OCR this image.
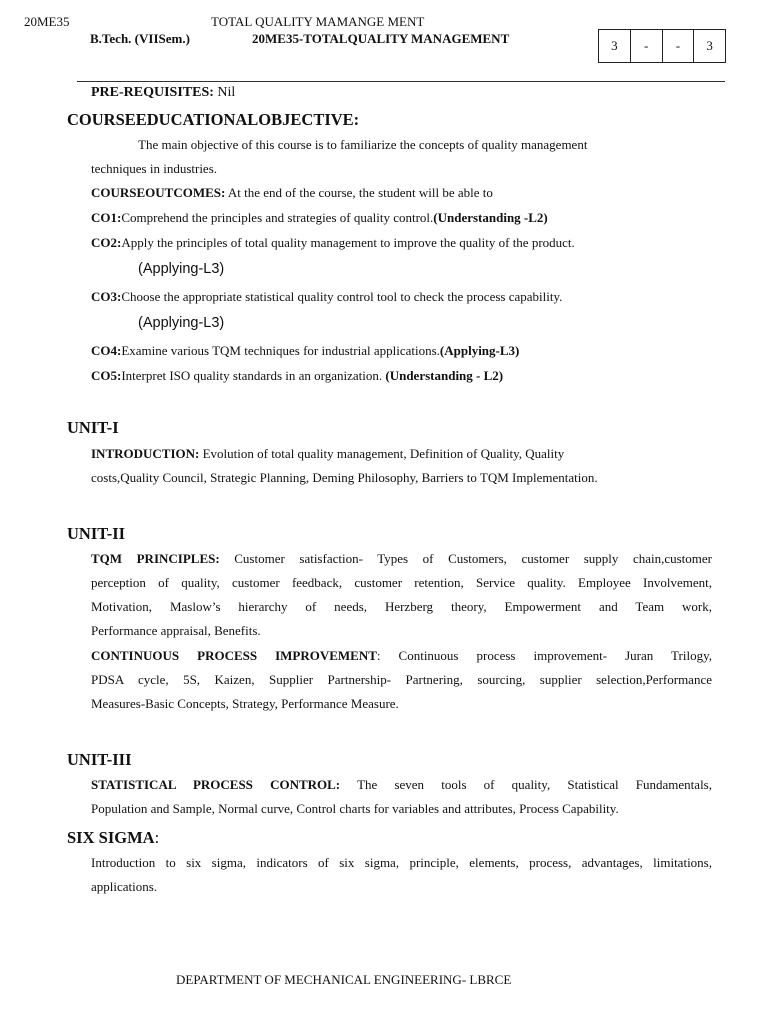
20ME35	TOTAL QUALITY MAMANGE MENT
B.Tech. (VIISem.)	20ME35-TOTALQUALITY MANAGEMENT	3	-	-	3
PRE-REQUISITES: Nil
COURSEEDUCATIONALOBJECTIVE:
The main objective of this course is to familiarize the concepts of quality management
techniques in industries.
COURSEOUTCOMES: At the end of the course, the student will be able to
CO1:Comprehend the principles and strategies of quality control.(Understanding -L2)
CO2:Apply the principles of total quality management to improve the quality of the product.
(Applying-L3)
CO3:Choose the appropriate statistical quality control tool to check the process capability.
(Applying-L3)
CO4:Examine various TQM techniques for industrial applications.(Applying-L3)
CO5:Interpret ISO quality standards in an organization. (Understanding - L2)
UNIT-I
INTRODUCTION: Evolution of total quality management, Definition of Quality, Quality
costs,Quality Council, Strategic Planning, Deming Philosophy, Barriers to TQM Implementation.
UNIT-II
TQM PRINCIPLES: Customer satisfaction- Types of Customers, customer supply chain,customer
perception of quality, customer feedback, customer retention, Service quality. Employee Involvement,
Motivation, Maslow’s hierarchy of needs, Herzberg theory, Empowerment and Team work,
Performance appraisal, Benefits.
CONTINUOUS PROCESS IMPROVEMENT: Continuous process improvement- Juran Trilogy,
PDSA cycle, 5S, Kaizen, Supplier Partnership- Partnering, sourcing, supplier selection,Performance
Measures-Basic Concepts, Strategy, Performance Measure.
UNIT-III
STATISTICAL PROCESS CONTROL: The seven tools of quality, Statistical Fundamentals,
Population and Sample, Normal curve, Control charts for variables and attributes, Process Capability.
SIX SIGMA:
Introduction to six sigma, indicators of six sigma, principle, elements, process, advantages, limitations,
applications.
DEPARTMENT OF MECHANICAL ENGINEERING- LBRCE
